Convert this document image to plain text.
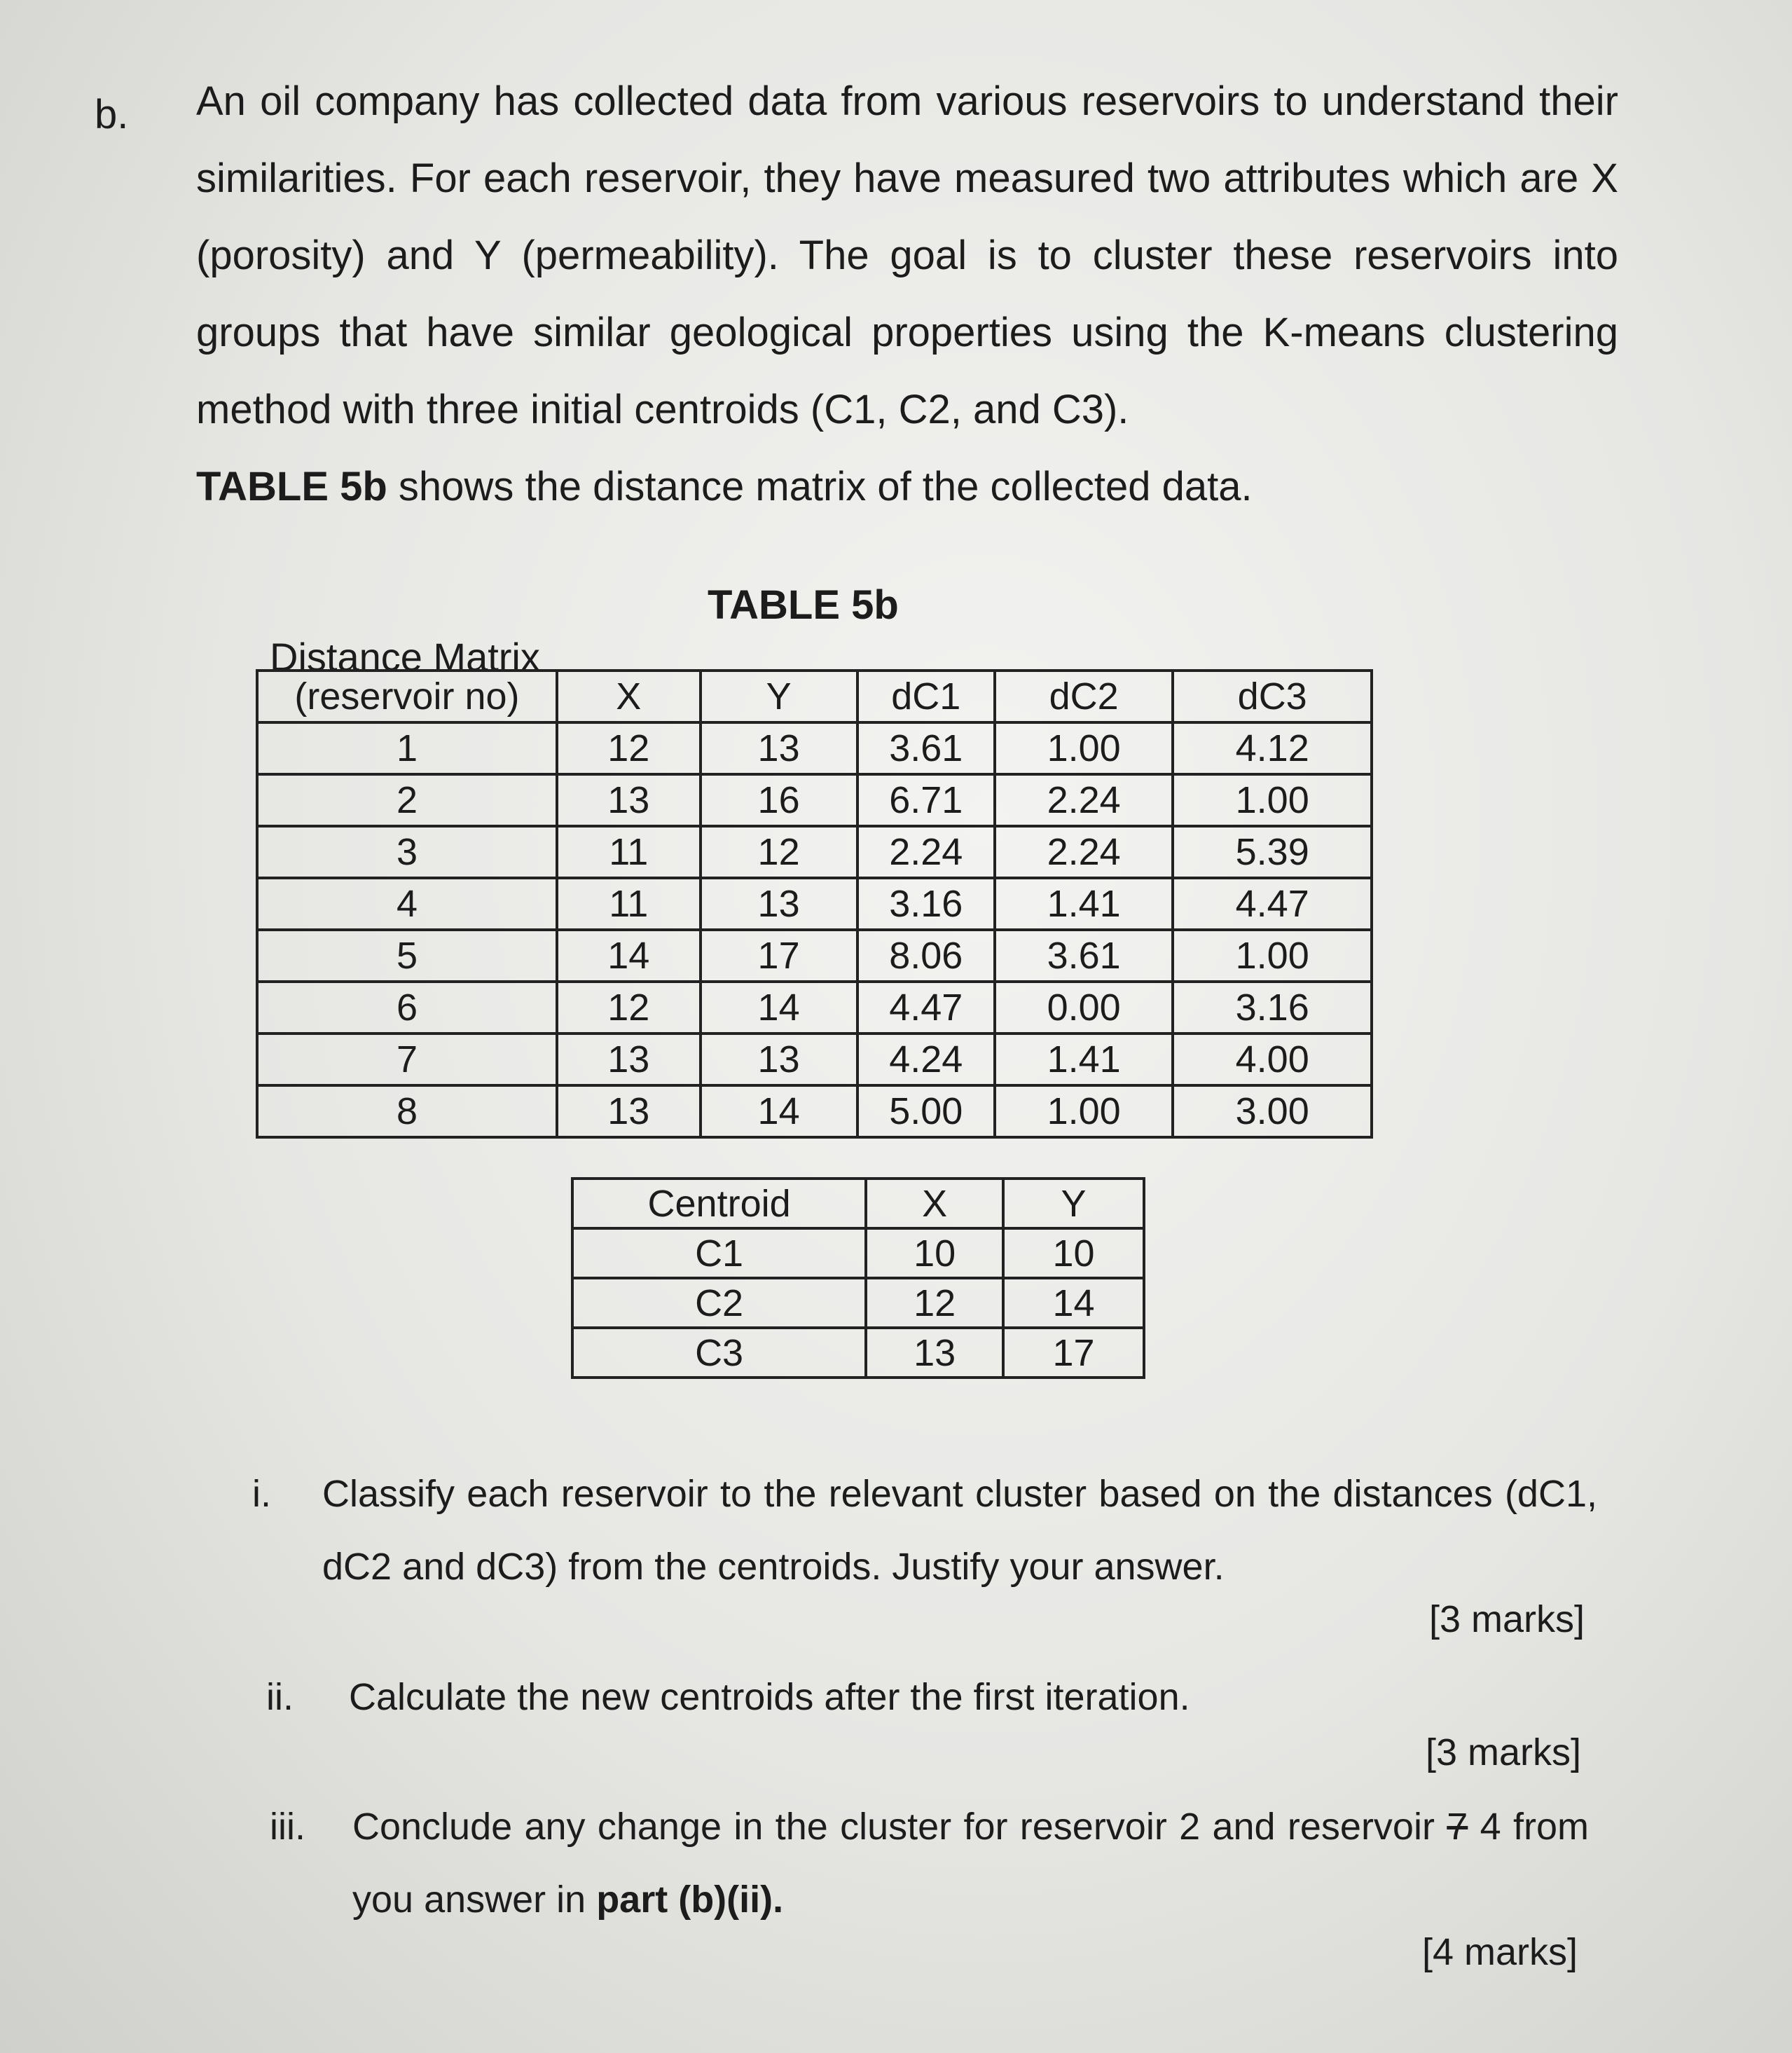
b. An oil company has collected data from various reservoirs to understand their similarities. For each reservoir, they have measured two attributes which are X (porosity) and Y (permeability). The goal is to cluster these reservoirs into groups that have similar geological properties using the K-means clustering method with three initial centroids (C1, C2, and C3).
TABLE 5b shows the distance matrix of the collected data.

TABLE 5b
Distance Matrix
(reservoir no)	X	Y	dC1	dC2	dC3
1	12	13	3.61	1.00	4.12
2	13	16	6.71	2.24	1.00
3	11	12	2.24	2.24	5.39
4	11	13	3.16	1.41	4.47
5	14	17	8.06	3.61	1.00
6	12	14	4.47	0.00	3.16
7	13	13	4.24	1.41	4.00
8	13	14	5.00	1.00	3.00
Centroid	X	Y
C1	10	10
C2	12	14
C3	13	17
i. Classify each reservoir to the relevant cluster based on the distances (dC1, dC2 and dC3) from the centroids. Justify your answer.
[3 marks]
ii. Calculate the new centroids after the first iteration.
[3 marks]
iii. Conclude any change in the cluster for reservoir 2 and reservoir 7 4 from you answer in part (b)(ii).
[4 marks]
